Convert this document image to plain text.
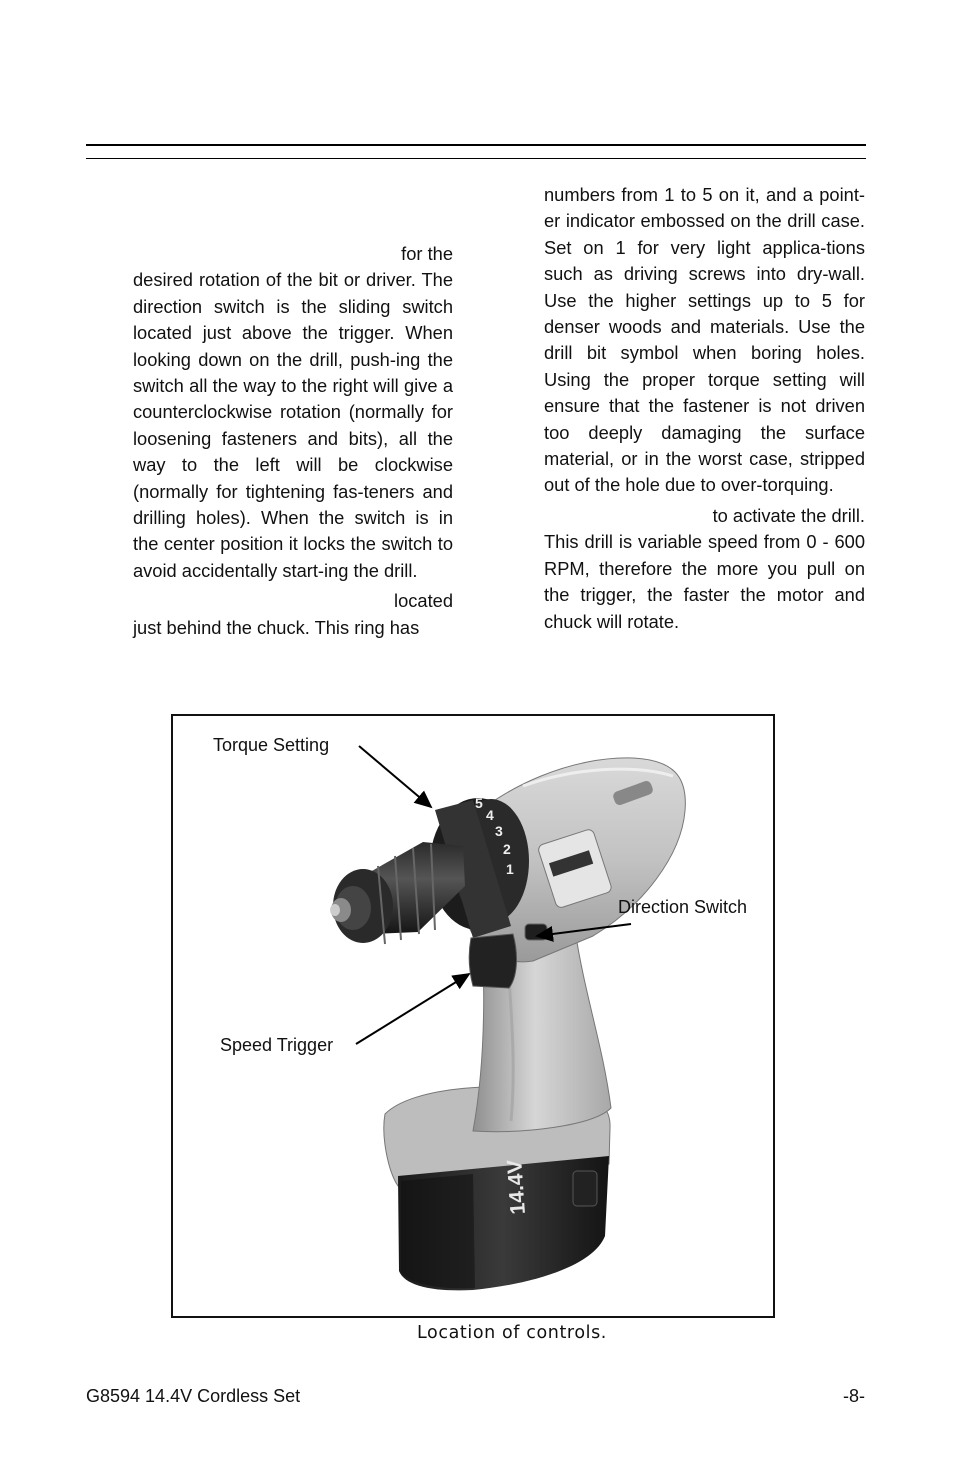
for the
desired rotation of the bit or driver. The direction switch is the sliding switch located just above the trigger. When looking down on the drill, push-ing the switch all the way to the right will give a counterclockwise rotation (normally for loosening fasteners and bits), all the way to the left will be clockwise (normally for tightening fas-teners and drilling holes). When the switch is in the center position it locks the switch to avoid accidentally start-ing the drill.

located
just behind the chuck. This ring has

numbers from 1 to 5 on it, and a point-er indicator embossed on the drill case. Set on 1 for very light applica-tions such as driving screws into dry-wall. Use the higher settings up to 5 for denser woods and materials. Use the drill bit symbol when boring holes. Using the proper torque setting will ensure that the fastener is not driven too deeply damaging the surface material, or in the worst case, stripped out of the hole due to over-torquing.

to activate the drill.
This drill is variable speed from 0 - 600 RPM, therefore the more you pull on the trigger, the faster the motor and chuck will rotate.

14.4V
1
2
3
4
5
Torque Setting
Direction Switch
Speed Trigger
Location of controls.
G8594 14.4V Cordless Set	-8-
